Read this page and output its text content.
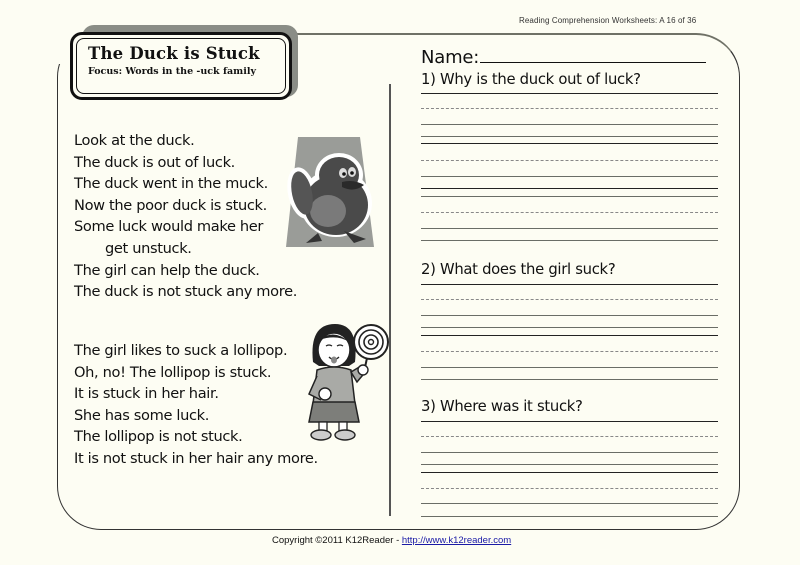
Reading Comprehension Worksheets: A 16 of 36
The Duck is Stuck
Focus: Words in the -uck family
Look at the duck.
The duck is out of luck.
The duck went in the muck.
Now the poor duck is stuck.
Some luck would make her
get unstuck.
The girl can help the duck.
The duck is not stuck any more.
The girl likes to suck a lollipop.
Oh, no! The lollipop is stuck.
It is stuck in her hair.
She has some luck.
The lollipop is not stuck.
It is not stuck in her hair any more.
Name:
1) Why is the duck out of luck?
2) What does the girl suck?
3) Where was it stuck?
Copyright ©2011 K12Reader - http://www.k12reader.com
